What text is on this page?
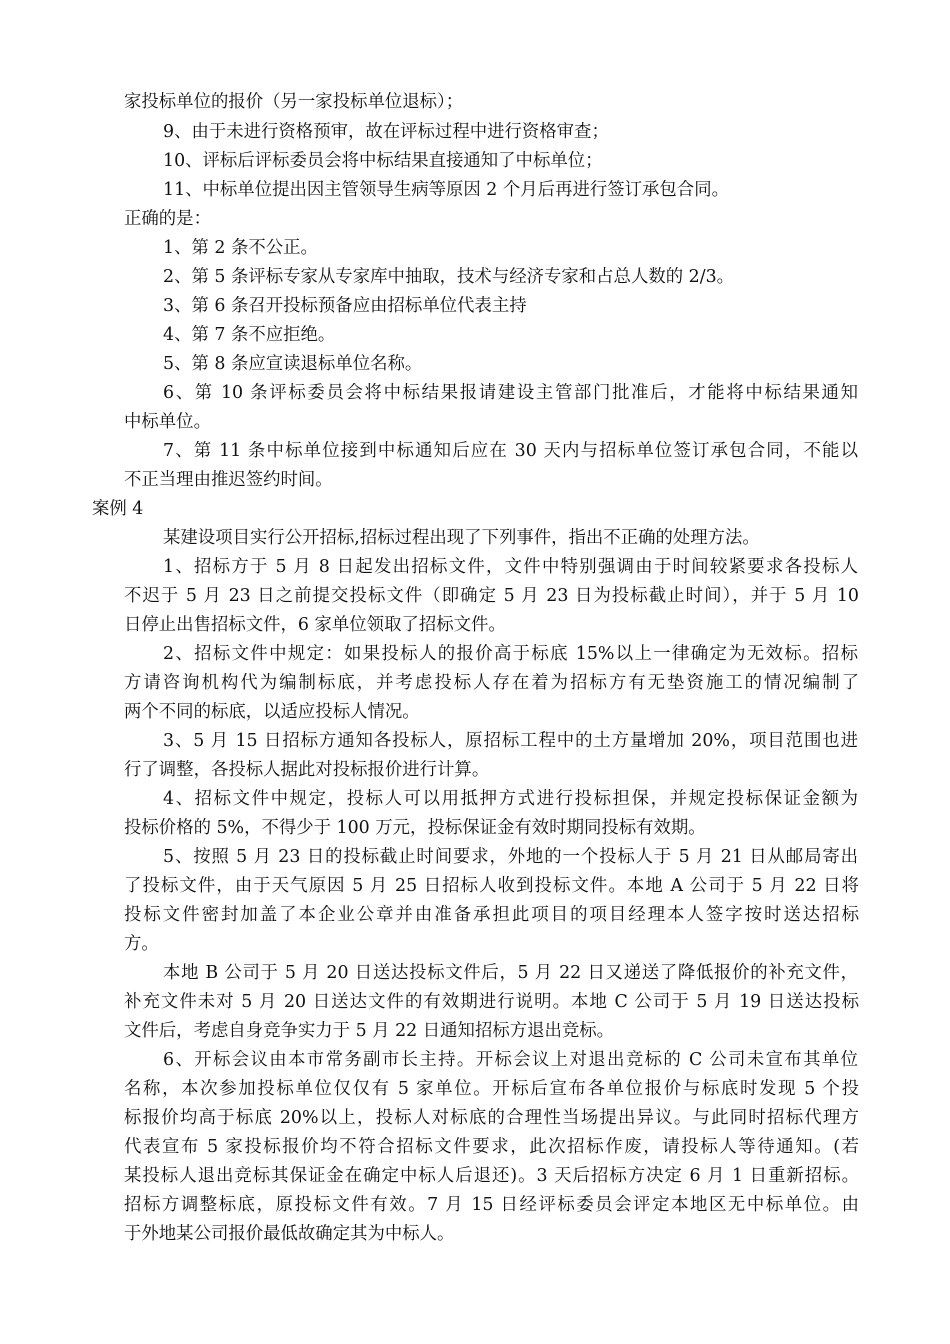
家投标单位的报价（另一家投标单位退标）；
9、由于未进行资格预审，故在评标过程中进行资格审查；
10、评标后评标委员会将中标结果直接通知了中标单位；
11、中标单位提出因主管领导生病等原因 2 个月后再进行签订承包合同。
正确的是：
1、第 2 条不公正。
2、第 5 条评标专家从专家库中抽取，技术与经济专家和占总人数的 2/3。
3、第 6 条召开投标预备应由招标单位代表主持
4、第 7 条不应拒绝。
5、第 8 条应宣读退标单位名称。
6、第 10 条评标委员会将中标结果报请建设主管部门批准后，才能将中标结果通知
中标单位。
7、第 11 条中标单位接到中标通知后应在 30 天内与招标单位签订承包合同，不能以
不正当理由推迟签约时间。
案例 4
某建设项目实行公开招标,招标过程出现了下列事件，指出不正确的处理方法。
1、招标方于 5 月 8 日起发出招标文件，文件中特别强调由于时间较紧要求各投标人
不迟于 5 月 23 日之前提交投标文件（即确定 5 月 23 日为投标截止时间），并于 5 月 10
日停止出售招标文件，6 家单位领取了招标文件。
2、招标文件中规定：如果投标人的报价高于标底 15%以上一律确定为无效标。招标
方请咨询机构代为编制标底，并考虑投标人存在着为招标方有无垫资施工的情况编制了
两个不同的标底，以适应投标人情况。
3、5 月 15 日招标方通知各投标人，原招标工程中的土方量增加 20%，项目范围也进
行了调整，各投标人据此对投标报价进行计算。
4、招标文件中规定，投标人可以用抵押方式进行投标担保，并规定投标保证金额为
投标价格的 5%，不得少于 100 万元，投标保证金有效时期同投标有效期。
5、按照 5 月 23 日的投标截止时间要求，外地的一个投标人于 5 月 21 日从邮局寄出
了投标文件，由于天气原因 5 月 25 日招标人收到投标文件。本地 A 公司于 5 月 22 日将
投标文件密封加盖了本企业公章并由准备承担此项目的项目经理本人签字按时送达招标
方。
本地 B 公司于 5 月 20 日送达投标文件后，5 月 22 日又递送了降低报价的补充文件，
补充文件未对 5 月 20 日送达文件的有效期进行说明。本地 C 公司于 5 月 19 日送达投标
文件后，考虑自身竞争实力于 5 月 22 日通知招标方退出竞标。
6、开标会议由本市常务副市长主持。开标会议上对退出竞标的 C 公司未宣布其单位
名称，本次参加投标单位仅仅有 5 家单位。开标后宣布各单位报价与标底时发现 5 个投
标报价均高于标底 20%以上，投标人对标底的合理性当场提出异议。与此同时招标代理方
代表宣布 5 家投标报价均不符合招标文件要求，此次招标作废，请投标人等待通知。(若
某投标人退出竞标其保证金在确定中标人后退还)。3 天后招标方决定 6 月 1 日重新招标。
招标方调整标底，原投标文件有效。7 月 15 日经评标委员会评定本地区无中标单位。由
于外地某公司报价最低故确定其为中标人。
